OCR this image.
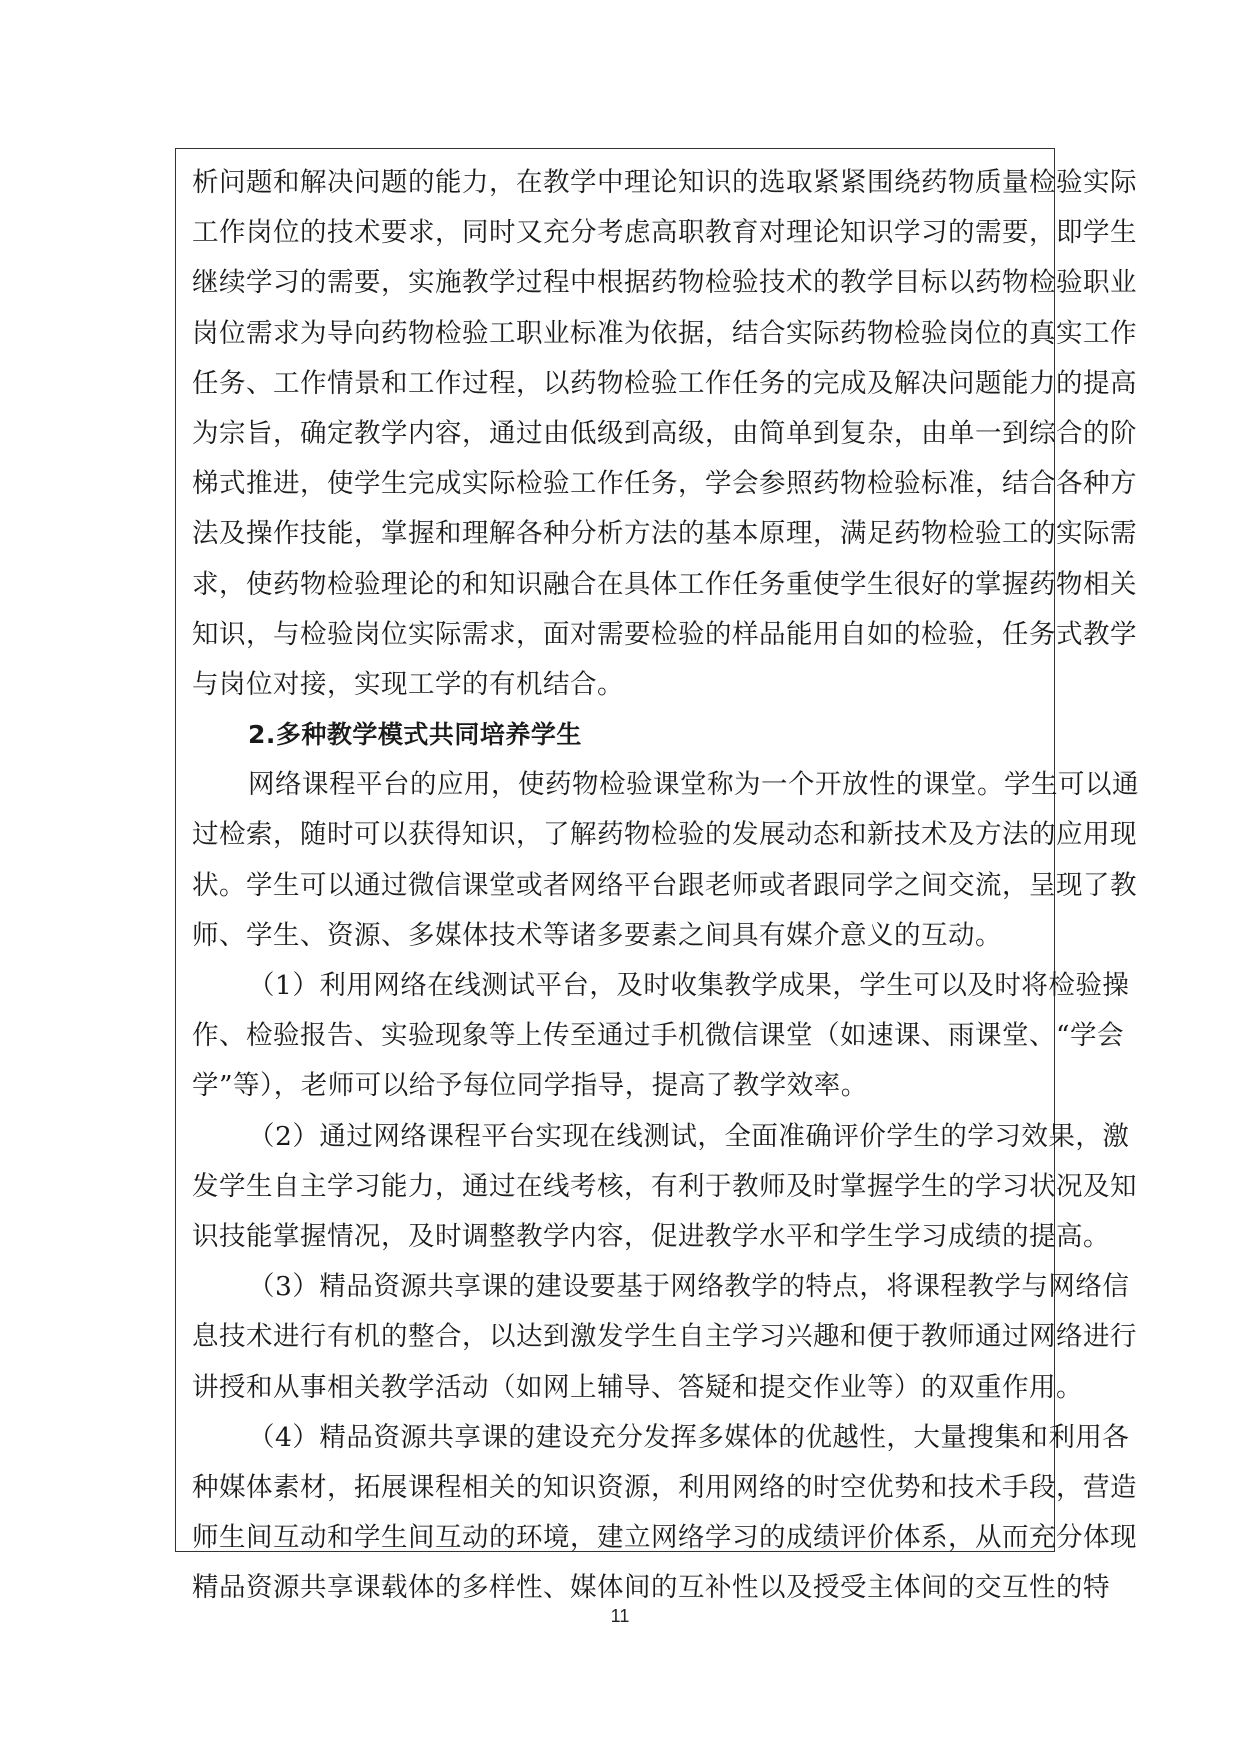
析问题和解决问题的能力，在教学中理论知识的选取紧紧围绕药物质量检验实际
工作岗位的技术要求，同时又充分考虑高职教育对理论知识学习的需要，即学生
继续学习的需要，实施教学过程中根据药物检验技术的教学目标以药物检验职业
岗位需求为导向药物检验工职业标准为依据，结合实际药物检验岗位的真实工作
任务、工作情景和工作过程，以药物检验工作任务的完成及解决问题能力的提高
为宗旨，确定教学内容，通过由低级到高级，由简单到复杂，由单一到综合的阶
梯式推进，使学生完成实际检验工作任务，学会参照药物检验标准，结合各种方
法及操作技能，掌握和理解各种分析方法的基本原理，满足药物检验工的实际需
求，使药物检验理论的和知识融合在具体工作任务重使学生很好的掌握药物相关
知识，与检验岗位实际需求，面对需要检验的样品能用自如的检验，任务式教学
与岗位对接，实现工学的有机结合。
2.多种教学模式共同培养学生
网络课程平台的应用，使药物检验课堂称为一个开放性的课堂。学生可以通
过检索，随时可以获得知识，了解药物检验的发展动态和新技术及方法的应用现
状。学生可以通过微信课堂或者网络平台跟老师或者跟同学之间交流，呈现了教
师、学生、资源、多媒体技术等诸多要素之间具有媒介意义的互动。
（1）利用网络在线测试平台，及时收集教学成果，学生可以及时将检验操
作、检验报告、实验现象等上传至通过手机微信课堂（如速课、雨课堂、“学会
学”等），老师可以给予每位同学指导，提高了教学效率。
（2）通过网络课程平台实现在线测试，全面准确评价学生的学习效果，激
发学生自主学习能力，通过在线考核，有利于教师及时掌握学生的学习状况及知
识技能掌握情况，及时调整教学内容，促进教学水平和学生学习成绩的提高。
（3）精品资源共享课的建设要基于网络教学的特点，将课程教学与网络信
息技术进行有机的整合，以达到激发学生自主学习兴趣和便于教师通过网络进行
讲授和从事相关教学活动（如网上辅导、答疑和提交作业等）的双重作用。
（4）精品资源共享课的建设充分发挥多媒体的优越性，大量搜集和利用各
种媒体素材，拓展课程相关的知识资源，利用网络的时空优势和技术手段，营造
师生间互动和学生间互动的环境，建立网络学习的成绩评价体系，从而充分体现
精品资源共享课载体的多样性、媒体间的互补性以及授受主体间的交互性的特
11
